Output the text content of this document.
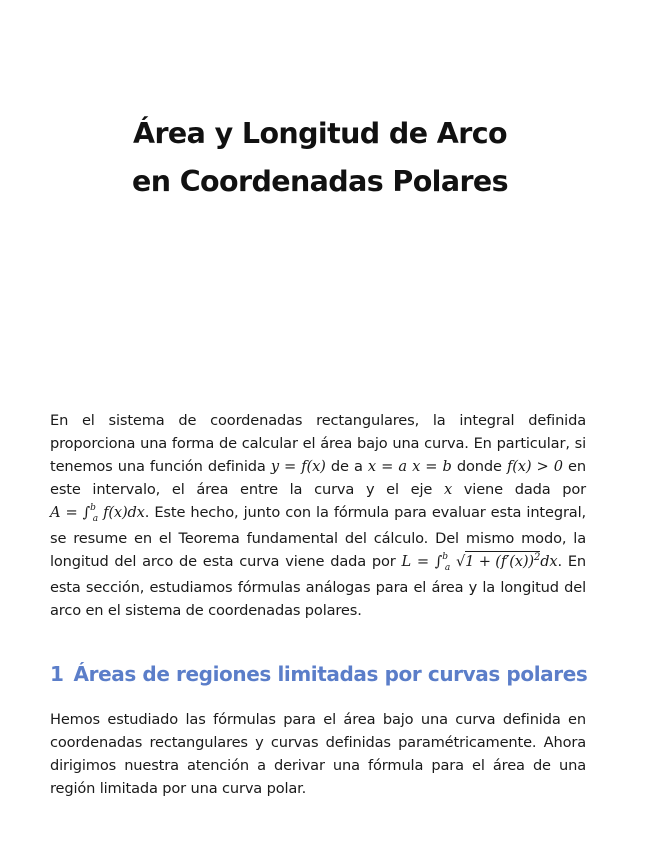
Área y Longitud de Arco
en Coordenadas Polares

En el sistema de coordenadas rectangulares, la integral definida proporciona una forma de calcular el área bajo una curva. En particular, si tenemos una función definida y = f(x) de a x = a x = b donde f(x) > 0 en este intervalo, el área entre la curva y el eje x viene dada por A = ∫$^b_a$ f(x)dx. Este hecho, junto con la fórmula para evaluar esta integral, se resume en el Teorema fundamental del cálculo. Del mismo modo, la longitud del arco de esta curva viene dada por L = ∫$^b_a$ $√1 + (f'(x))^2dx$. En esta sección, estudiamos fórmulas análogas para el área y la longitud del arco en el sistema de coordenadas polares.

1 Áreas de regiones limitadas por curvas polares

Hemos estudiado las fórmulas para el área bajo una curva definida en coordenadas rectangulares y curvas definidas paramétricamente. Ahora dirigimos nuestra atención a derivar una fórmula para el área de una región limitada por una curva polar.
